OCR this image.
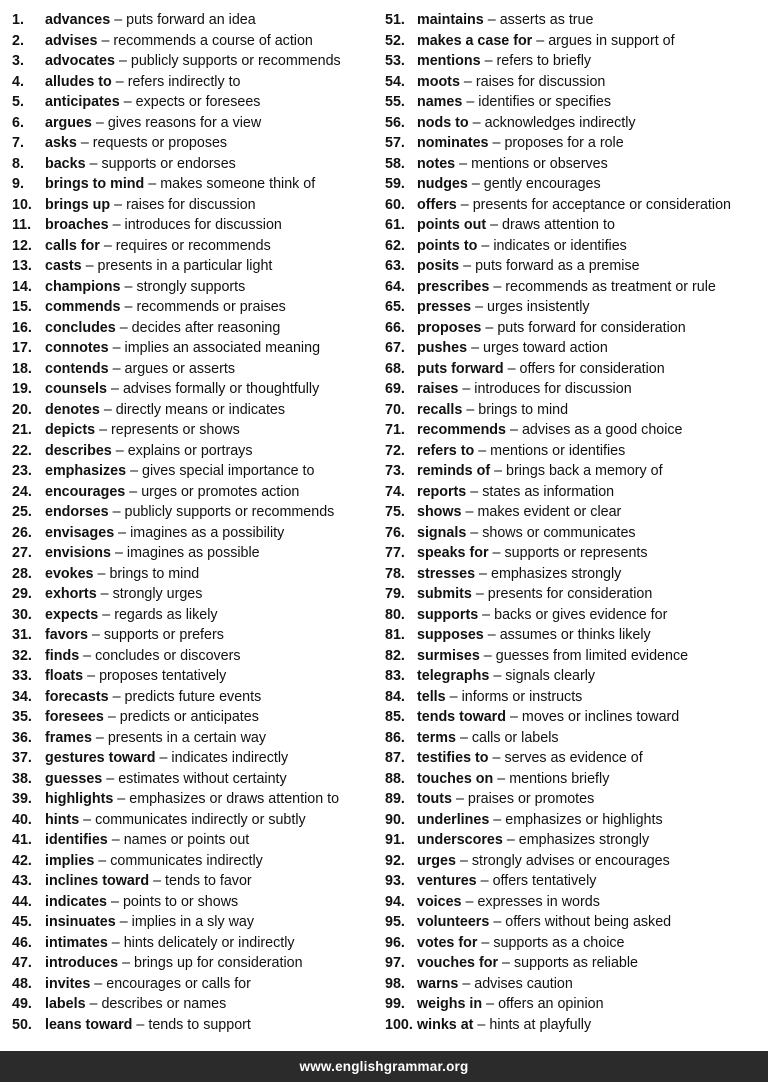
1.	advances – puts forward an idea
2.	advises – recommends a course of action
3.	advocates – publicly supports or recommends
4.	alludes to – refers indirectly to
5.	anticipates – expects or foresees
6.	argues – gives reasons for a view
7.	asks – requests or proposes
8.	backs – supports or endorses
9.	brings to mind – makes someone think of
10. brings up – raises for discussion
11. broaches – introduces for discussion
12. calls for – requires or recommends
13. casts – presents in a particular light
14. champions – strongly supports
15. commends – recommends or praises
16. concludes – decides after reasoning
17. connotes – implies an associated meaning
18. contends – argues or asserts
19. counsels – advises formally or thoughtfully
20. denotes – directly means or indicates
21. depicts – represents or shows
22. describes – explains or portrays
23. emphasizes – gives special importance to
24. encourages – urges or promotes action
25. endorses – publicly supports or recommends
26. envisages – imagines as a possibility
27. envisions – imagines as possible
28. evokes – brings to mind
29. exhorts – strongly urges
30. expects – regards as likely
31. favors – supports or prefers
32. finds – concludes or discovers
33. floats – proposes tentatively
34. forecasts – predicts future events
35. foresees – predicts or anticipates
36. frames – presents in a certain way
37. gestures toward – indicates indirectly
38. guesses – estimates without certainty
39. highlights – emphasizes or draws attention to
40. hints – communicates indirectly or subtly
41. identifies – names or points out
42. implies – communicates indirectly
43. inclines toward – tends to favor
44. indicates – points to or shows
45. insinuates – implies in a sly way
46. intimates – hints delicately or indirectly
47. introduces – brings up for consideration
48. invites – encourages or calls for
49. labels – describes or names
50. leans toward – tends to support
51. maintains – asserts as true
52. makes a case for – argues in support of
53. mentions – refers to briefly
54. moots – raises for discussion
55. names – identifies or specifies
56. nods to – acknowledges indirectly
57. nominates – proposes for a role
58. notes – mentions or observes
59. nudges – gently encourages
60. offers – presents for acceptance or consideration
61. points out – draws attention to
62. points to – indicates or identifies
63. posits – puts forward as a premise
64. prescribes – recommends as treatment or rule
65. presses – urges insistently
66. proposes – puts forward for consideration
67. pushes – urges toward action
68. puts forward – offers for consideration
69. raises – introduces for discussion
70. recalls – brings to mind
71. recommends – advises as a good choice
72. refers to – mentions or identifies
73. reminds of – brings back a memory of
74. reports – states as information
75. shows – makes evident or clear
76. signals – shows or communicates
77. speaks for – supports or represents
78. stresses – emphasizes strongly
79. submits – presents for consideration
80. supports – backs or gives evidence for
81. supposes – assumes or thinks likely
82. surmises – guesses from limited evidence
83. telegraphs – signals clearly
84. tells – informs or instructs
85. tends toward – moves or inclines toward
86. terms – calls or labels
87. testifies to – serves as evidence of
88. touches on – mentions briefly
89. touts – praises or promotes
90. underlines – emphasizes or highlights
91. underscores – emphasizes strongly
92. urges – strongly advises or encourages
93. ventures – offers tentatively
94. voices – expresses in words
95. volunteers – offers without being asked
96. votes for – supports as a choice
97. vouches for – supports as reliable
98. warns – advises caution
99. weighs in – offers an opinion
100. winks at – hints at playfully
www.englishgrammar.org
